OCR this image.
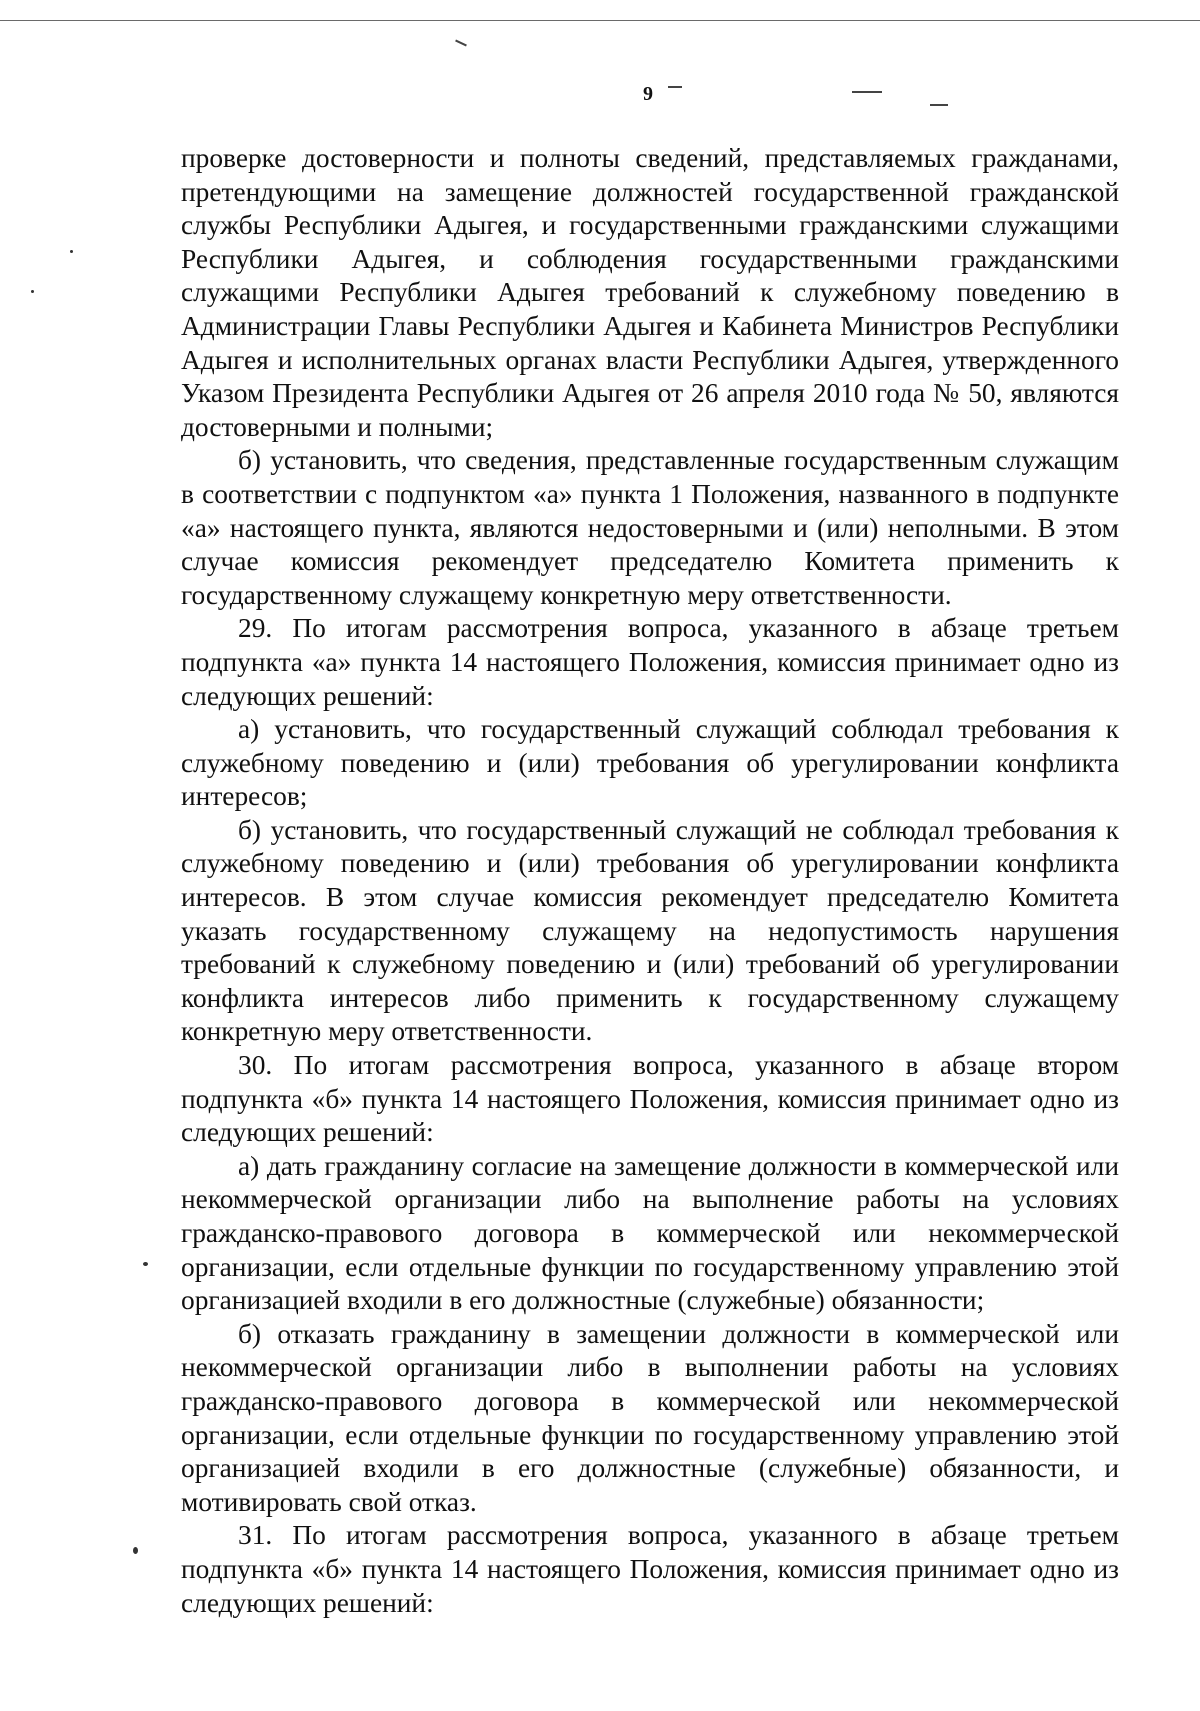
9

проверке достоверности и полноты сведений, представляемых гражданами, претендующими на замещение должностей государственной гражданской службы Республики Адыгея, и государственными гражданскими служащими Республики Адыгея, и соблюдения государственными гражданскими служащими Республики Адыгея требований к служебному поведению в Администрации Главы Республики Адыгея и Кабинета Министров Республики Адыгея и исполнительных органах власти Республики Адыгея, утвержденного Указом Президента Республики Адыгея от 26 апреля 2010 года № 50, являются достоверными и полными;

б) установить, что сведения, представленные государственным служащим в соответствии с подпунктом «а» пункта 1 Положения, названного в подпункте «а» настоящего пункта, являются недостоверными и (или) неполными. В этом случае комиссия рекомендует председателю Комитета применить к государственному служащему конкретную меру ответственности.

29. По итогам рассмотрения вопроса, указанного в абзаце третьем подпункта «а» пункта 14 настоящего Положения, комиссия принимает одно из следующих решений:

а) установить, что государственный служащий соблюдал требования к служебному поведению и (или) требования об урегулировании конфликта интересов;

б) установить, что государственный служащий не соблюдал требования к служебному поведению и (или) требования об урегулировании конфликта интересов. В этом случае комиссия рекомендует председателю Комитета указать государственному служащему на недопустимость нарушения требований к служебному поведению и (или) требований об урегулировании конфликта интересов либо применить к государственному служащему конкретную меру ответственности.

30. По итогам рассмотрения вопроса, указанного в абзаце втором подпункта «б» пункта 14 настоящего Положения, комиссия принимает одно из следующих решений:

а) дать гражданину согласие на замещение должности в коммерческой или некоммерческой организации либо на выполнение работы на условиях гражданско-правового договора в коммерческой или некоммерческой организации, если отдельные функции по государственному управлению этой организацией входили в его должностные (служебные) обязанности;

б) отказать гражданину в замещении должности в коммерческой или некоммерческой организации либо в выполнении работы на условиях гражданско-правового договора в коммерческой или некоммерческой организации, если отдельные функции по государственному управлению этой организацией входили в его должностные (служебные) обязанности, и мотивировать свой отказ.

31. По итогам рассмотрения вопроса, указанного в абзаце третьем подпункта «б» пункта 14 настоящего Положения, комиссия принимает одно из следующих решений:
